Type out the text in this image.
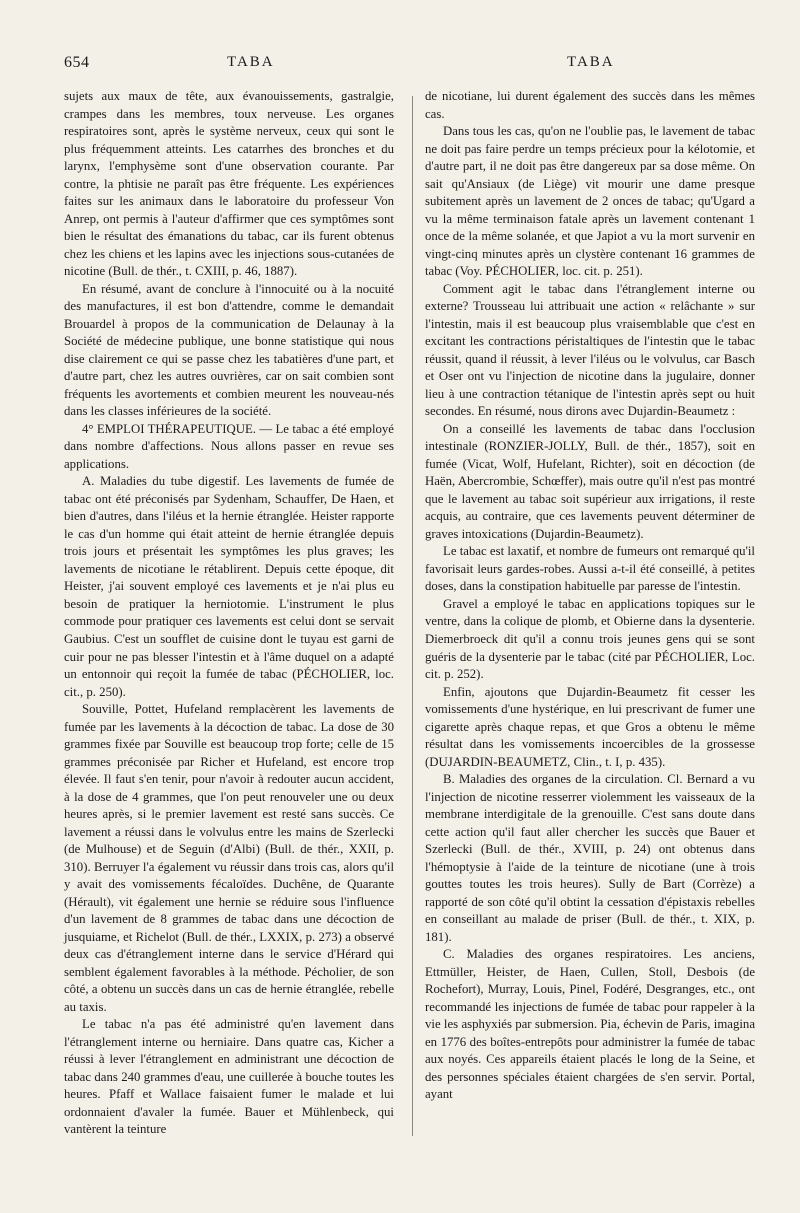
654	TABA	TABA

sujets aux maux de tête, aux évanouissements, gastralgie, crampes dans les membres, toux nerveuse. Les organes respiratoires sont, après le système nerveux, ceux qui sont le plus fréquemment atteints. Les catarrhes des bronches et du larynx, l'emphysème sont d'une observation courante. Par contre, la phtisie ne paraît pas être fréquente. Les expériences faites sur les animaux dans le laboratoire du professeur Von Anrep, ont permis à l'auteur d'affirmer que ces symptômes sont bien le résultat des émanations du tabac, car ils furent obtenus chez les chiens et les lapins avec les injections sous-cutanées de nicotine (Bull. de thér., t. CXIII, p. 46, 1887).

En résumé, avant de conclure à l'innocuité ou à la nocuité des manufactures, il est bon d'attendre, comme le demandait Brouardel à propos de la communication de Delaunay à la Société de médecine publique, une bonne statistique qui nous dise clairement ce qui se passe chez les tabatières d'une part, et d'autre part, chez les autres ouvrières, car on sait combien sont fréquents les avortements et combien meurent les nouveau-nés dans les classes inférieures de la société.

4° EMPLOI THÉRAPEUTIQUE. — Le tabac a été employé dans nombre d'affections. Nous allons passer en revue ses applications.

A. Maladies du tube digestif. Les lavements de fumée de tabac ont été préconisés par Sydenham, Schauffer, De Haen, et bien d'autres, dans l'iléus et la hernie étranglée. Heister rapporte le cas d'un homme qui était atteint de hernie étranglée depuis trois jours et présentait les symptômes les plus graves; les lavements de nicotiane le rétablirent. Depuis cette époque, dit Heister, j'ai souvent employé ces lavements et je n'ai plus eu besoin de pratiquer la herniotomie. L'instrument le plus commode pour pratiquer ces lavements est celui dont se servait Gaubius. C'est un soufflet de cuisine dont le tuyau est garni de cuir pour ne pas blesser l'intestin et à l'âme duquel on a adapté un entonnoir qui reçoit la fumée de tabac (PÉCHOLIER, loc. cit., p. 250).

Souville, Pottet, Hufeland remplacèrent les lavements de fumée par les lavements à la décoction de tabac. La dose de 30 grammes fixée par Souville est beaucoup trop forte; celle de 15 grammes préconisée par Richer et Hufeland, est encore trop élevée. Il faut s'en tenir, pour n'avoir à redouter aucun accident, à la dose de 4 grammes, que l'on peut renouveler une ou deux heures après, si le premier lavement est resté sans succès. Ce lavement a réussi dans le volvulus entre les mains de Szerlecki (de Mulhouse) et de Seguin (d'Albi) (Bull. de thér., XXII, p. 310). Berruyer l'a également vu réussir dans trois cas, alors qu'il y avait des vomissements fécaloïdes. Duchêne, de Quarante (Hérault), vit également une hernie se réduire sous l'influence d'un lavement de 8 grammes de tabac dans une décoction de jusquiame, et Richelot (Bull. de thér., LXXIX, p. 273) a observé deux cas d'étranglement interne dans le service d'Hérard qui semblent également favorables à la méthode. Pécholier, de son côté, a obtenu un succès dans un cas de hernie étranglée, rebelle au taxis.

Le tabac n'a pas été administré qu'en lavement dans l'étranglement interne ou herniaire. Dans quatre cas, Kicher a réussi à lever l'étranglement en administrant une décoction de tabac dans 240 grammes d'eau, une cuillerée à bouche toutes les heures. Pfaff et Wallace faisaient fumer le malade et lui ordonnaient d'avaler la fumée. Bauer et Mühlenbeck, qui vantèrent la teinture

de nicotiane, lui durent également des succès dans les mêmes cas.

Dans tous les cas, qu'on ne l'oublie pas, le lavement de tabac ne doit pas faire perdre un temps précieux pour la kélotomie, et d'autre part, il ne doit pas être dangereux par sa dose même. On sait qu'Ansiaux (de Liège) vit mourir une dame presque subitement après un lavement de 2 onces de tabac; qu'Ugard a vu la même terminaison fatale après un lavement contenant 1 once de la même solanée, et que Japiot a vu la mort survenir en vingt-cinq minutes après un clystère contenant 16 grammes de tabac (Voy. PÉCHOLIER, loc. cit. p. 251).

Comment agit le tabac dans l'étranglement interne ou externe? Trousseau lui attribuait une action « relâchante » sur l'intestin, mais il est beaucoup plus vraisemblable que c'est en excitant les contractions péristaltiques de l'intestin que le tabac réussit, quand il réussit, à lever l'iléus ou le volvulus, car Basch et Oser ont vu l'injection de nicotine dans la jugulaire, donner lieu à une contraction tétanique de l'intestin après sept ou huit secondes. En résumé, nous dirons avec Dujardin-Beaumetz :

On a conseillé les lavements de tabac dans l'occlusion intestinale (RONZIER-JOLLY, Bull. de thér., 1857), soit en fumée (Vicat, Wolf, Hufelant, Richter), soit en décoction (de Haën, Abercrombie, Schœffer), mais outre qu'il n'est pas montré que le lavement au tabac soit supérieur aux irrigations, il reste acquis, au contraire, que ces lavements peuvent déterminer de graves intoxications (Dujardin-Beaumetz).

Le tabac est laxatif, et nombre de fumeurs ont remarqué qu'il favorisait leurs gardes-robes. Aussi a-t-il été conseillé, à petites doses, dans la constipation habituelle par paresse de l'intestin.

Gravel a employé le tabac en applications topiques sur le ventre, dans la colique de plomb, et Obierne dans la dysenterie. Diemerbroeck dit qu'il a connu trois jeunes gens qui se sont guéris de la dysenterie par le tabac (cité par PÉCHOLIER, Loc. cit. p. 252).

Enfin, ajoutons que Dujardin-Beaumetz fit cesser les vomissements d'une hystérique, en lui prescrivant de fumer une cigarette après chaque repas, et que Gros a obtenu le même résultat dans les vomissements incoercibles de la grossesse (DUJARDIN-BEAUMETZ, Clin., t. I, p. 435).

B. Maladies des organes de la circulation. Cl. Bernard a vu l'injection de nicotine resserrer violemment les vaisseaux de la membrane interdigitale de la grenouille. C'est sans doute dans cette action qu'il faut aller chercher les succès que Bauer et Szerlecki (Bull. de thér., XVIII, p. 24) ont obtenus dans l'hémoptysie à l'aide de la teinture de nicotiane (une à trois gouttes toutes les trois heures). Sully de Bart (Corrèze) a rapporté de son côté qu'il obtint la cessation d'épistaxis rebelles en conseillant au malade de priser (Bull. de thér., t. XIX, p. 181).

C. Maladies des organes respiratoires. Les anciens, Ettmüller, Heister, de Haen, Cullen, Stoll, Desbois (de Rochefort), Murray, Louis, Pinel, Fodéré, Desgranges, etc., ont recommandé les injections de fumée de tabac pour rappeler à la vie les asphyxiés par submersion. Pia, échevin de Paris, imagina en 1776 des boîtes-entrepôts pour administrer la fumée de tabac aux noyés. Ces appareils étaient placés le long de la Seine, et des personnes spéciales étaient chargées de s'en servir. Portal, ayant
